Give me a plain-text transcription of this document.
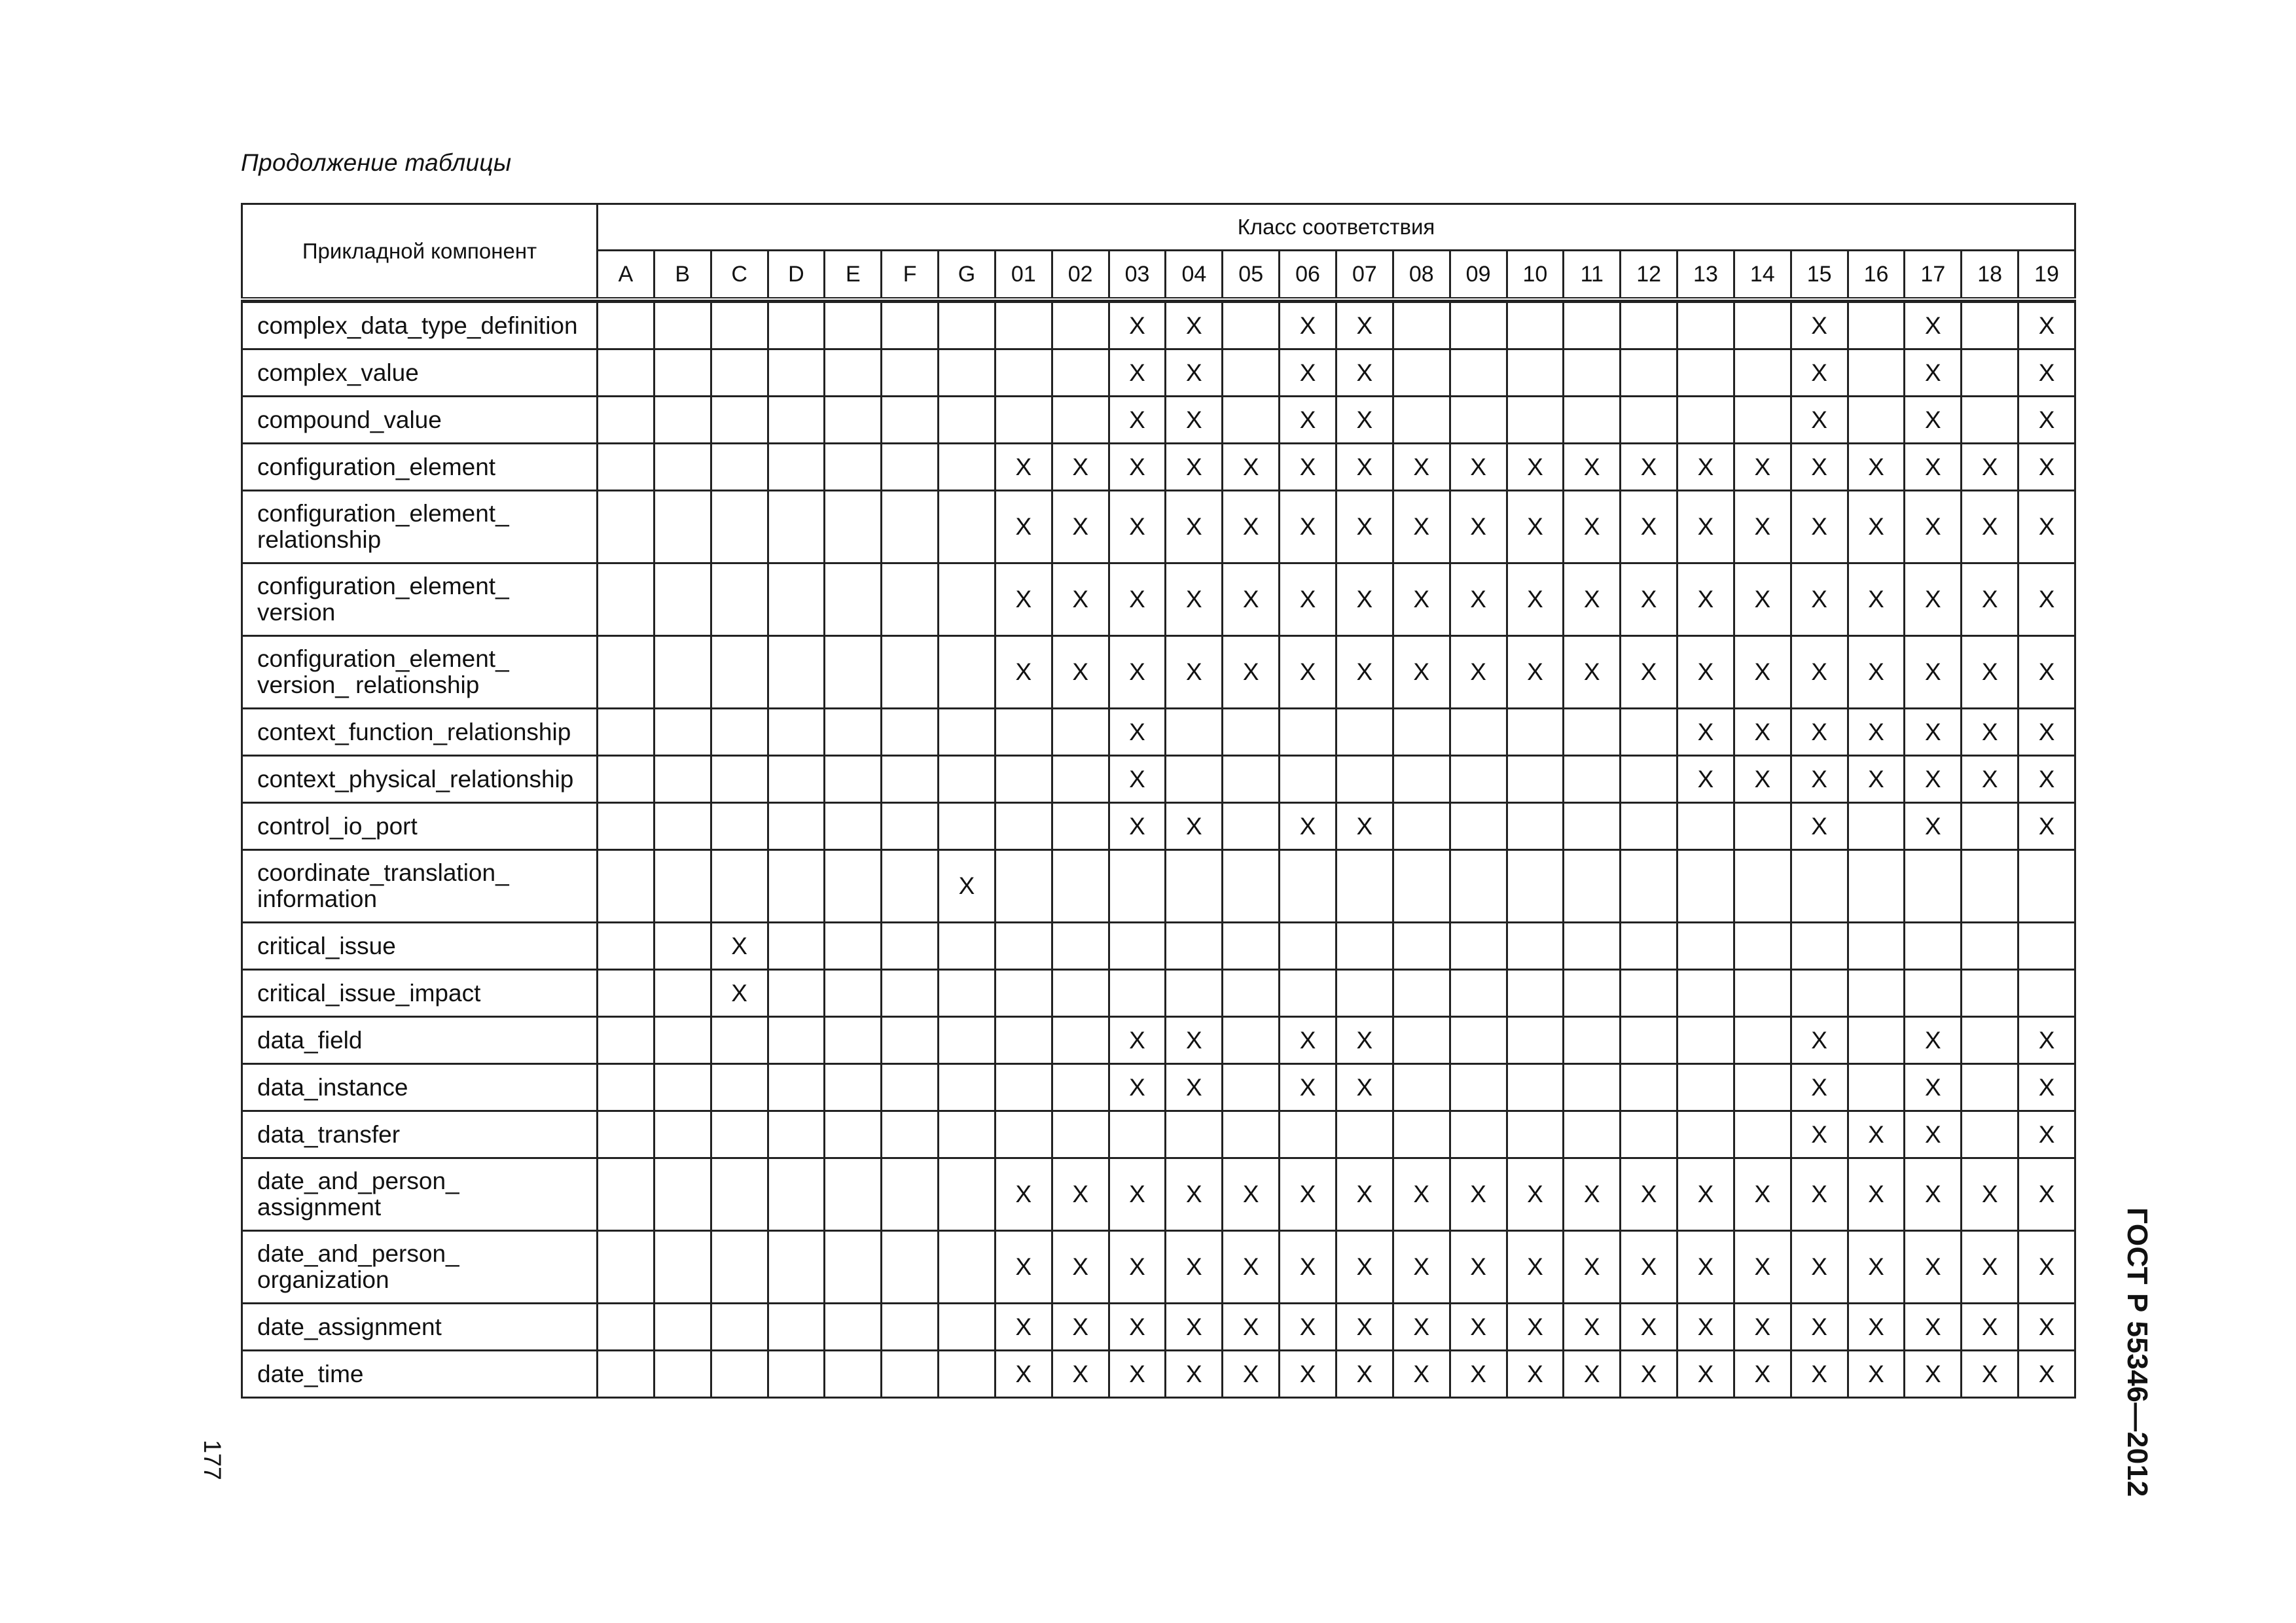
Продолжение таблицы
Прикладной компонент	Класс соответствия																									
	A	B	C	D	E	F	G	01	02	03	04	05	06	07	08	09	10	11	12	13	14	15	16	17	18	19

complex_data_type_definition										X	X		X	X								X		X		X
complex_value										X	X		X	X								X		X		X
compound_value										X	X		X	X								X		X		X
configuration_element								X	X	X	X	X	X	X	X	X	X	X	X	X	X	X	X	X	X	X
configuration_element_
relationship								X	X	X	X	X	X	X	X	X	X	X	X	X	X	X	X	X	X	X
configuration_element_
version								X	X	X	X	X	X	X	X	X	X	X	X	X	X	X	X	X	X	X
configuration_element_
version_ relationship								X	X	X	X	X	X	X	X	X	X	X	X	X	X	X	X	X	X	X
context_function_relationship										X										X	X	X	X	X	X	X
context_physical_relationship										X										X	X	X	X	X	X	X
control_io_port										X	X		X	X								X		X		X
coordinate_translation_
information							X																			
critical_issue			X																							
critical_issue_impact			X																							
data_field										X	X		X	X								X		X		X
data_instance										X	X		X	X								X		X		X
data_transfer																						X	X	X		X
date_and_person_
assignment								X	X	X	X	X	X	X	X	X	X	X	X	X	X	X	X	X	X	X
date_and_person_
organization								X	X	X	X	X	X	X	X	X	X	X	X	X	X	X	X	X	X	X
date_assignment								X	X	X	X	X	X	X	X	X	X	X	X	X	X	X	X	X	X	X
date_time								X	X	X	X	X	X	X	X	X	X	X	X	X	X	X	X	X	X	X ГОСТ Р 55346—2012
177
